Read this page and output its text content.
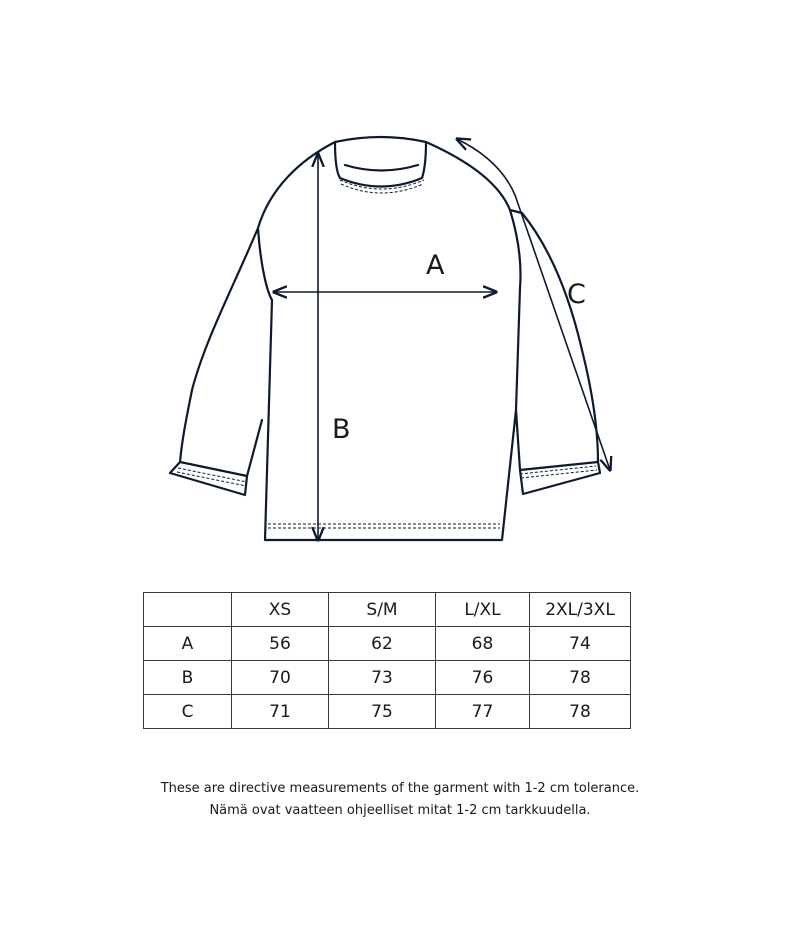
A
B
C
	XS	S/M	L/XL	2XL/3XL
A	56	62	68	74
B	70	73	76	78
C	71	75	77	78
These are directive measurements of the garment with 1-2 cm tolerance.
Nämä ovat vaatteen ohjeelliset mitat 1-2 cm tarkkuudella.
